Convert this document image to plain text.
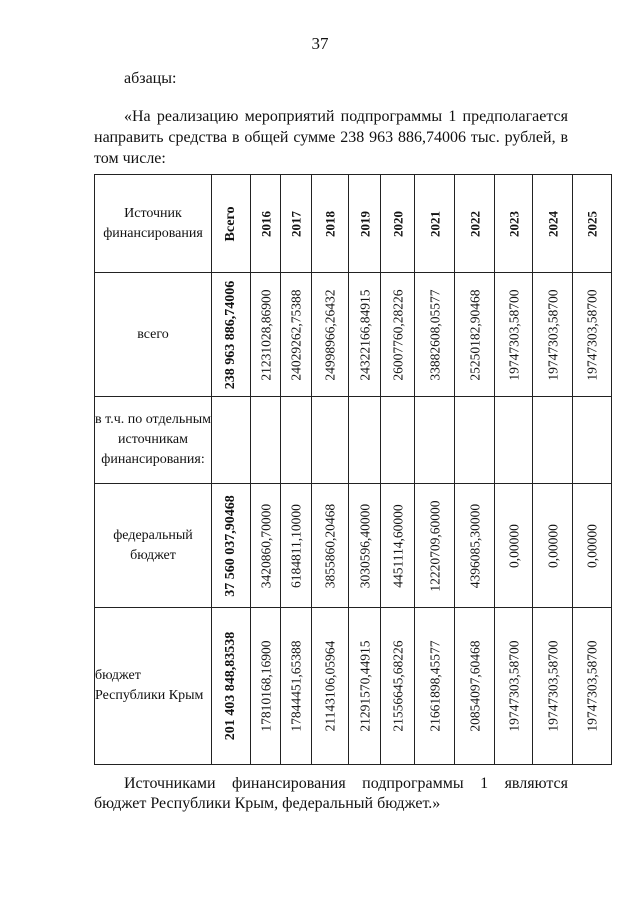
37
абзацы:
«На реализацию мероприятий подпрограммы 1 предполагается направить средства в общей сумме 238 963 886,74006 тыс. рублей, в том числе:
Источник финансирования	Всего	2016	2017	2018	2019	2020	2021	2022	2023	2024	2025

всего	238 963 886,74006	21231028,86900	24029262,75388	24998966,26432	24322166,84915	26007760,28226	33882608,05577	25250182,90468	19747303,58700	19747303,58700	19747303,58700

в т.ч. по отдельным источникам финансирования:											
федеральный бюджет	37 560 037,90468	3420860,70000	6184811,10000	3855860,20468	3030596,40000	4451114,60000	12220709,60000	4396085,30000	0,00000	0,00000	0,00000

бюджет Республики Крым	201 403 848,83538	17810168,16900	17844451,65388	21143106,05964	21291570,44915	21556645,68226	21661898,45577	20854097,60468	19747303,58700	19747303,58700	19747303,58700
Источниками финансирования подпрограммы 1 являются бюджет Республики Крым, федеральный бюджет.»
